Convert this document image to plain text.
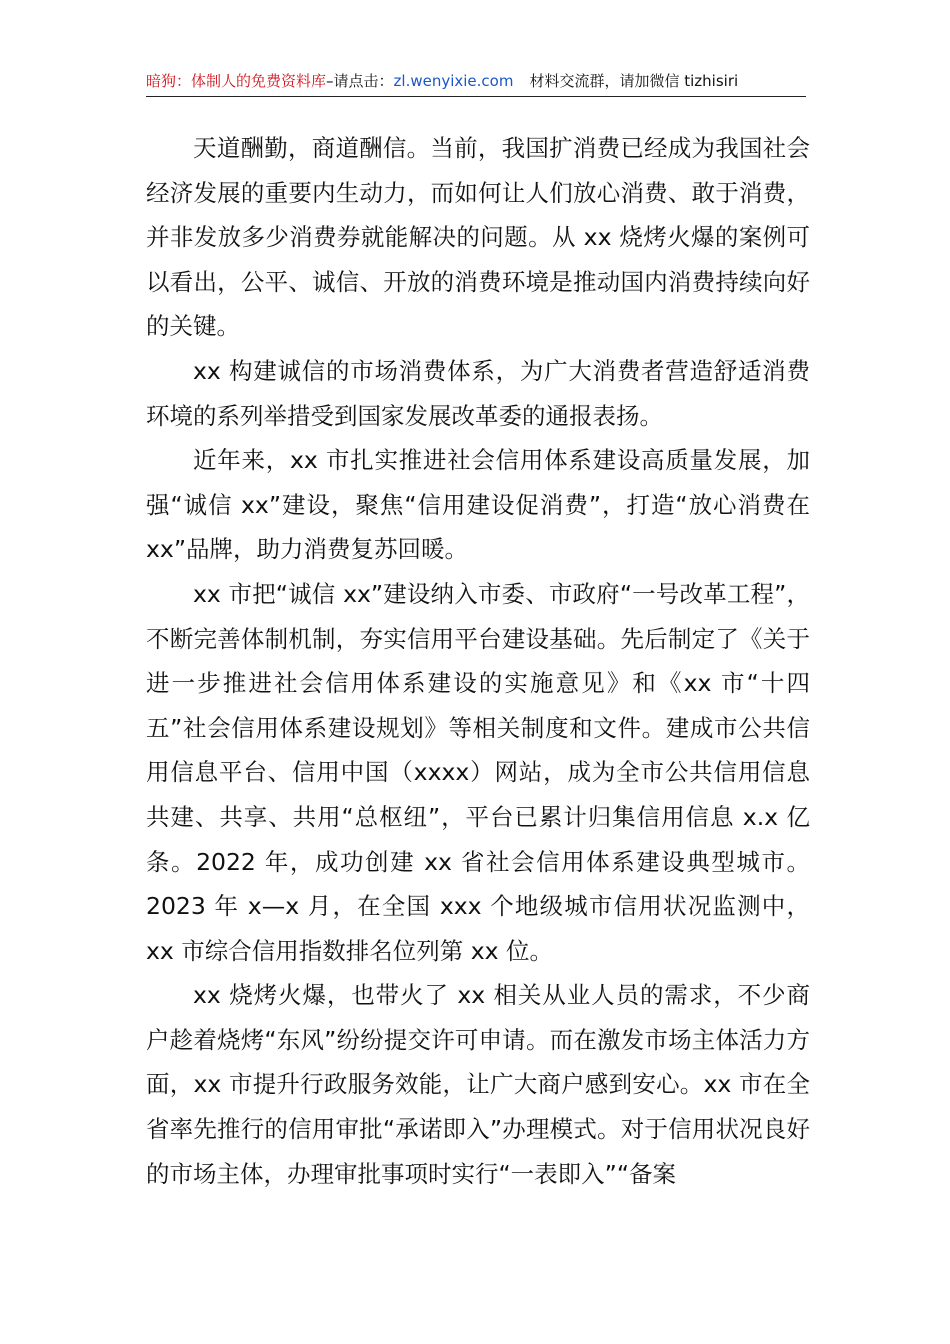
暗狗：体制人的免费资料库–请点击：zl.wenyixie.com 材料交流群，请加微信 tizhisiri

天道酬勤，商道酬信。当前，我国扩消费已经成为我国社会经济发展的重要内生动力，而如何让人们放心消费、敢于消费，并非发放多少消费券就能解决的问题。从 xx 烧烤火爆的案例可以看出，公平、诚信、开放的消费环境是推动国内消费持续向好的关键。

xx 构建诚信的市场消费体系，为广大消费者营造舒适消费环境的系列举措受到国家发展改革委的通报表扬。

近年来，xx 市扎实推进社会信用体系建设高质量发展，加强“诚信 xx”建设，聚焦“信用建设促消费”，打造“放心消费在 xx”品牌，助力消费复苏回暖。

xx 市把“诚信 xx”建设纳入市委、市政府“一号改革工程”，不断完善体制机制，夯实信用平台建设基础。先后制定了《关于进一步推进社会信用体系建设的实施意见》和《xx 市“十四五”社会信用体系建设规划》等相关制度和文件。建成市公共信用信息平台、信用中国（xxxx）网站，成为全市公共信用信息共建、共享、共用“总枢纽”，平台已累计归集信用信息 x.x 亿条。2022 年，成功创建 xx 省社会信用体系建设典型城市。2023 年 x—x 月，在全国 xxx 个地级城市信用状况监测中，xx 市综合信用指数排名位列第 xx 位。

xx 烧烤火爆，也带火了 xx 相关从业人员的需求，不少商户趁着烧烤“东风”纷纷提交许可申请。而在激发市场主体活力方面，xx 市提升行政服务效能，让广大商户感到安心。xx 市在全省率先推行的信用审批“承诺即入”办理模式。对于信用状况良好的市场主体，办理审批事项时实行“一表即入”“备案
